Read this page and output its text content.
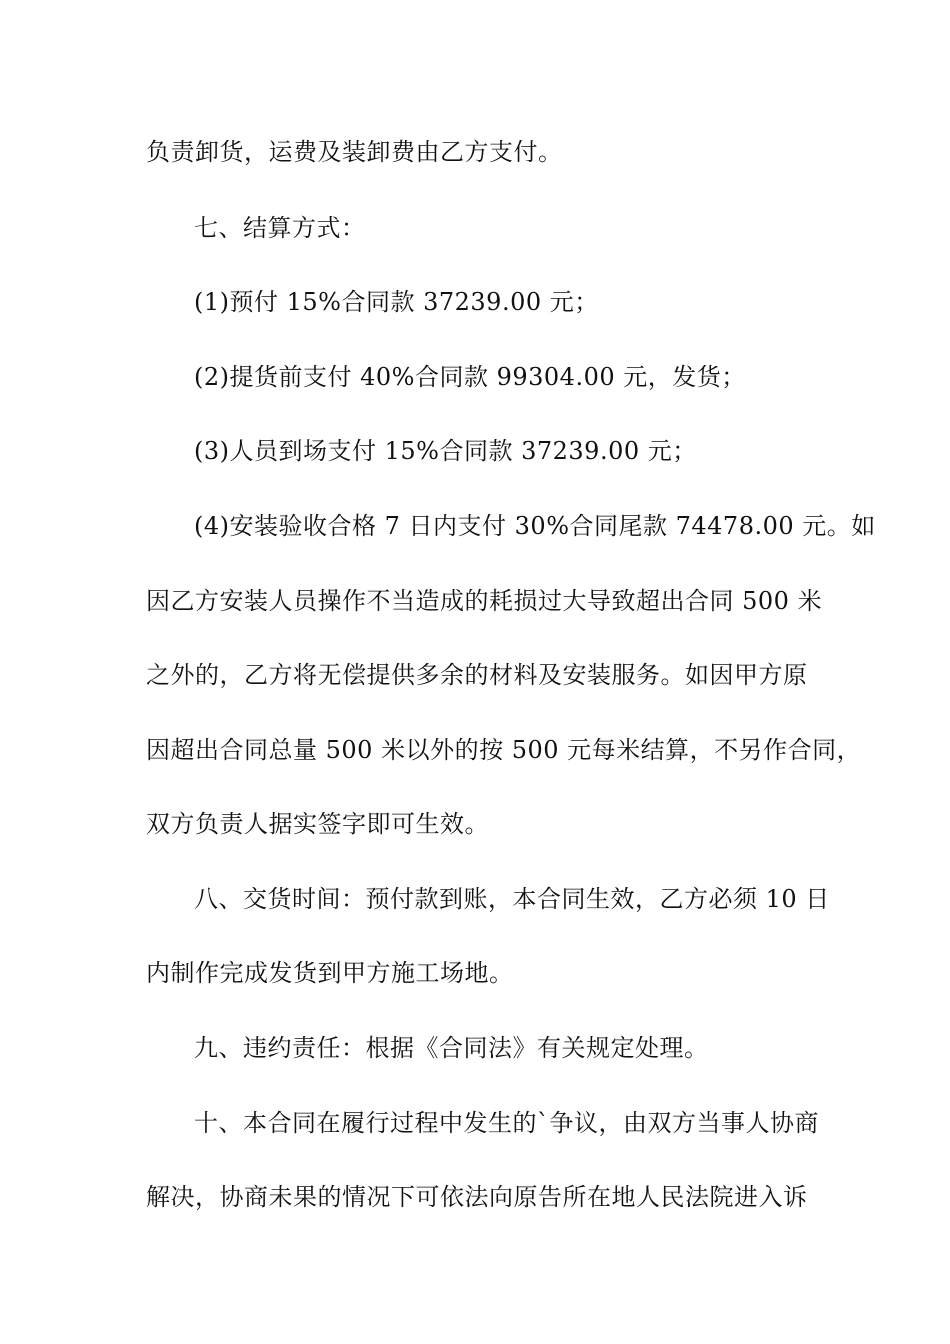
负责卸货，运费及装卸费由乙方支付。
七、结算方式：
(1)预付 15%合同款 37239.00 元；
(2)提货前支付 40%合同款 99304.00 元，发货；
(3)人员到场支付 15%合同款 37239.00 元；
(4)安装验收合格 7 日内支付 30%合同尾款 74478.00 元。如
因乙方安装人员操作不当造成的耗损过大导致超出合同 500 米
之外的，乙方将无偿提供多余的材料及安装服务。如因甲方原
因超出合同总量 500 米以外的按 500 元每米结算，不另作合同，
双方负责人据实签字即可生效。
八、交货时间：预付款到账，本合同生效，乙方必须 10 日
内制作完成发货到甲方施工场地。
九、违约责任：根据《合同法》有关规定处理。
十、本合同在履行过程中发生的`争议，由双方当事人协商
解决，协商未果的情况下可依法向原告所在地人民法院进入诉
